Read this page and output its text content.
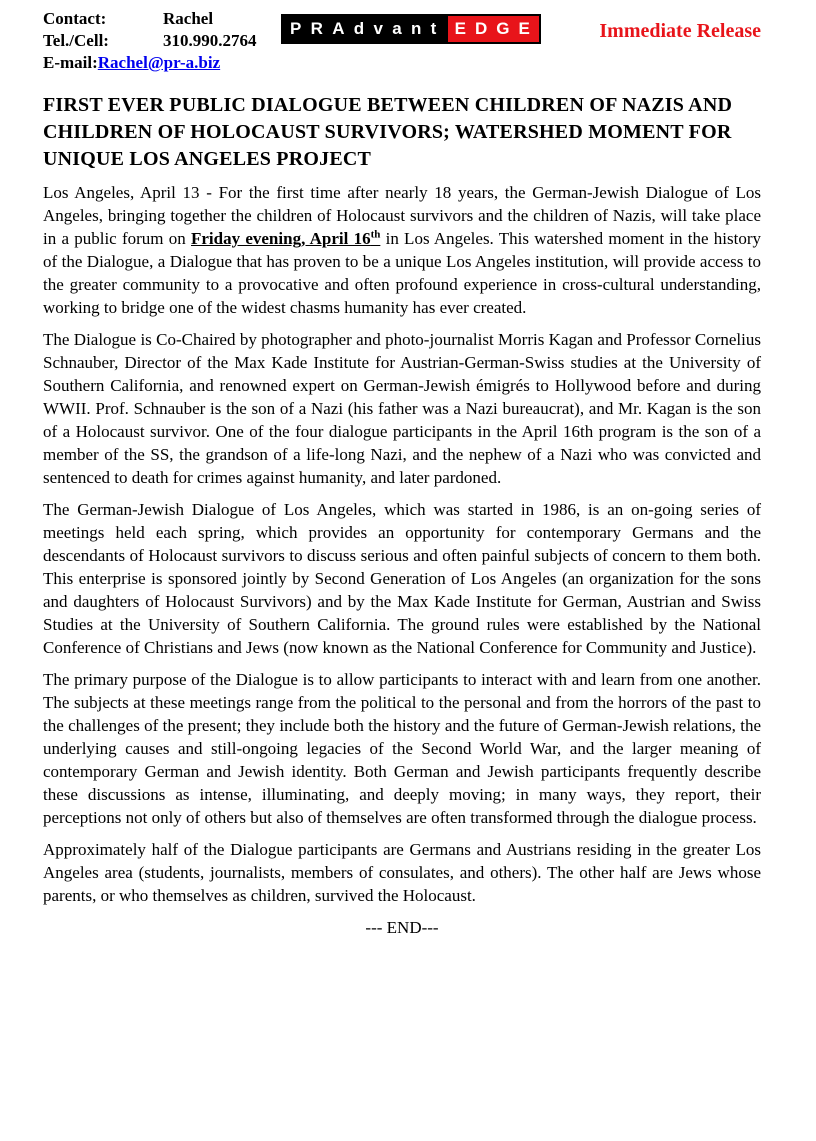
Contact:	Rachel
Tel./Cell:	310.990.2764
E-mail: Rachel@pr-a.biz
PRAdvant EDGE	Immediate Release
FIRST EVER PUBLIC DIALOGUE BETWEEN CHILDREN OF NAZIS AND CHILDREN OF HOLOCAUST SURVIVORS; WATERSHED MOMENT FOR UNIQUE LOS ANGELES PROJECT

Los Angeles, April 13 - For the first time after nearly 18 years, the German-Jewish Dialogue of Los Angeles, bringing together the children of Holocaust survivors and the children of Nazis, will take place in a public forum on Friday evening, April 16th in Los Angeles. This watershed moment in the history of the Dialogue, a Dialogue that has proven to be a unique Los Angeles institution, will provide access to the greater community to a provocative and often profound experience in cross-cultural understanding, working to bridge one of the widest chasms humanity has ever created.

The Dialogue is Co-Chaired by photographer and photo-journalist Morris Kagan and Professor Cornelius Schnauber, Director of the Max Kade Institute for Austrian-German-Swiss studies at the University of Southern California, and renowned expert on German-Jewish émigrés to Hollywood before and during WWII. Prof. Schnauber is the son of a Nazi (his father was a Nazi bureaucrat), and Mr. Kagan is the son of a Holocaust survivor. One of the four dialogue participants in the April 16th program is the son of a member of the SS, the grandson of a life-long Nazi, and the nephew of a Nazi who was convicted and sentenced to death for crimes against humanity, and later pardoned.

The German-Jewish Dialogue of Los Angeles, which was started in 1986, is an on-going series of meetings held each spring, which provides an opportunity for contemporary Germans and the descendants of Holocaust survivors to discuss serious and often painful subjects of concern to them both. This enterprise is sponsored jointly by Second Generation of Los Angeles (an organization for the sons and daughters of Holocaust Survivors) and by the Max Kade Institute for German, Austrian and Swiss Studies at the University of Southern California. The ground rules were established by the National Conference of Christians and Jews (now known as the National Conference for Community and Justice).

The primary purpose of the Dialogue is to allow participants to interact with and learn from one another. The subjects at these meetings range from the political to the personal and from the horrors of the past to the challenges of the present; they include both the history and the future of German-Jewish relations, the underlying causes and still-ongoing legacies of the Second World War, and the larger meaning of contemporary German and Jewish identity. Both German and Jewish participants frequently describe these discussions as intense, illuminating, and deeply moving; in many ways, they report, their perceptions not only of others but also of themselves are often transformed through the dialogue process.

Approximately half of the Dialogue participants are Germans and Austrians residing in the greater Los Angeles area (students, journalists, members of consulates, and others). The other half are Jews whose parents, or who themselves as children, survived the Holocaust.

--- END---
